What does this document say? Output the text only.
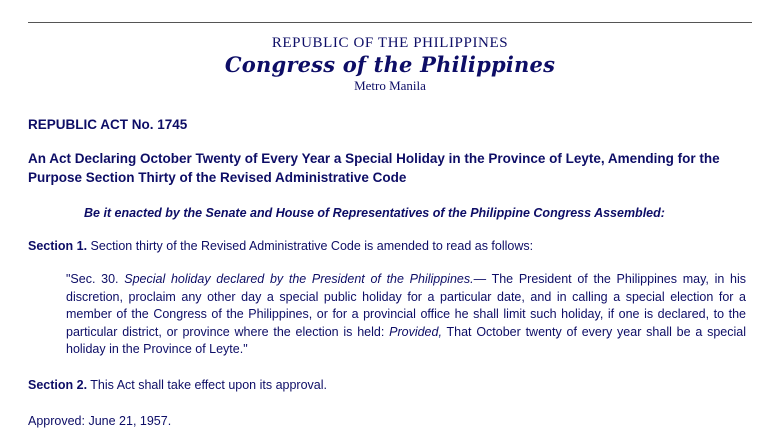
REPUBLIC OF THE PHILIPPINES
Congress of the Philippines
Metro Manila
REPUBLIC ACT No. 1745
An Act Declaring October Twenty of Every Year a Special Holiday in the Province of Leyte, Amending for the Purpose Section Thirty of the Revised Administrative Code
Be it enacted by the Senate and House of Representatives of the Philippine Congress Assembled:
Section 1. Section thirty of the Revised Administrative Code is amended to read as follows:
"Sec. 30. Special holiday declared by the President of the Philippines.— The President of the Philippines may, in his discretion, proclaim any other day a special public holiday for a particular date, and in calling a special election for a member of the Congress of the Philippines, or for a provincial office he shall limit such holiday, if one is declared, to the particular district, or province where the election is held: Provided, That October twenty of every year shall be a special holiday in the Province of Leyte."
Section 2. This Act shall take effect upon its approval.
Approved: June 21, 1957.
